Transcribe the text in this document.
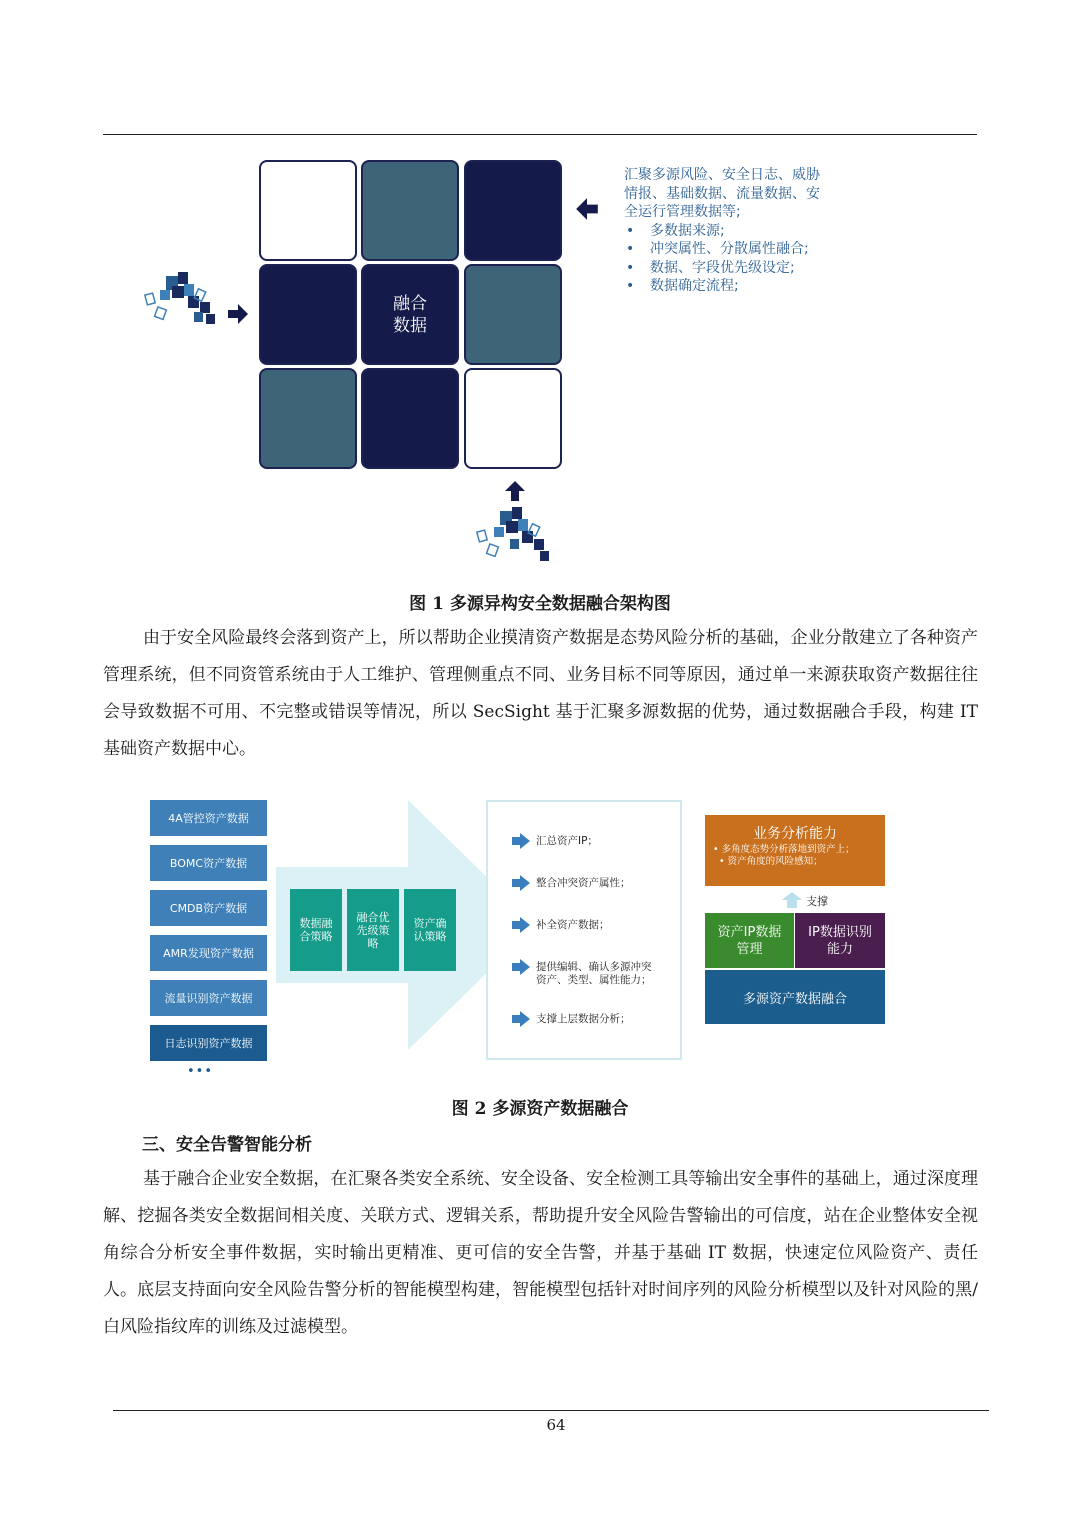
融合
数据
汇聚多源风险、安全日志、威胁情报、基础数据、流量数据、安全运行管理数据等;
• 多数据来源;
• 冲突属性、分散属性融合;
• 数据、字段优先级设定;
• 数据确定流程;
图 1 多源异构安全数据融合架构图

由于安全风险最终会落到资产上，所以帮助企业摸清资产数据是态势风险分析的基础，企业分散建立了各种资产管理系统，但不同资管系统由于人工维护、管理侧重点不同、业务目标不同等原因，通过单一来源获取资产数据往往会导致数据不可用、不完整或错误等情况，所以 SecSight 基于汇聚多源数据的优势，通过数据融合手段，构建 IT 基础资产数据中心。

4A管控资产数据
BOMC资产数据
CMDB资产数据
AMR发现资产数据
流量识别资产数据
日志识别资产数据
•••
数据融合策略
融合优先级策略
资产确认策略
汇总资产IP；
整合冲突资产属性；
补全资产数据；
提供编辑、确认多源冲突资产、类型、属性能力；
支撑上层数据分析；
业务分析能力
• 多角度态势分析落地到资产上；
• 资产角度的风险感知；
支撑
资产IP数据管理
IP数据识别能力
多源资产数据融合
图 2 多源资产数据融合
三、安全告警智能分析

基于融合企业安全数据，在汇聚各类安全系统、安全设备、安全检测工具等输出安全事件的基础上，通过深度理解、挖掘各类安全数据间相关度、关联方式、逻辑关系，帮助提升安全风险告警输出的可信度，站在企业整体安全视角综合分析安全事件数据，实时输出更精准、更可信的安全告警，并基于基础 IT 数据，快速定位风险资产、责任人。底层支持面向安全风险告警分析的智能模型构建，智能模型包括针对时间序列的风险分析模型以及针对风险的黑/白风险指纹库的训练及过滤模型。

64
